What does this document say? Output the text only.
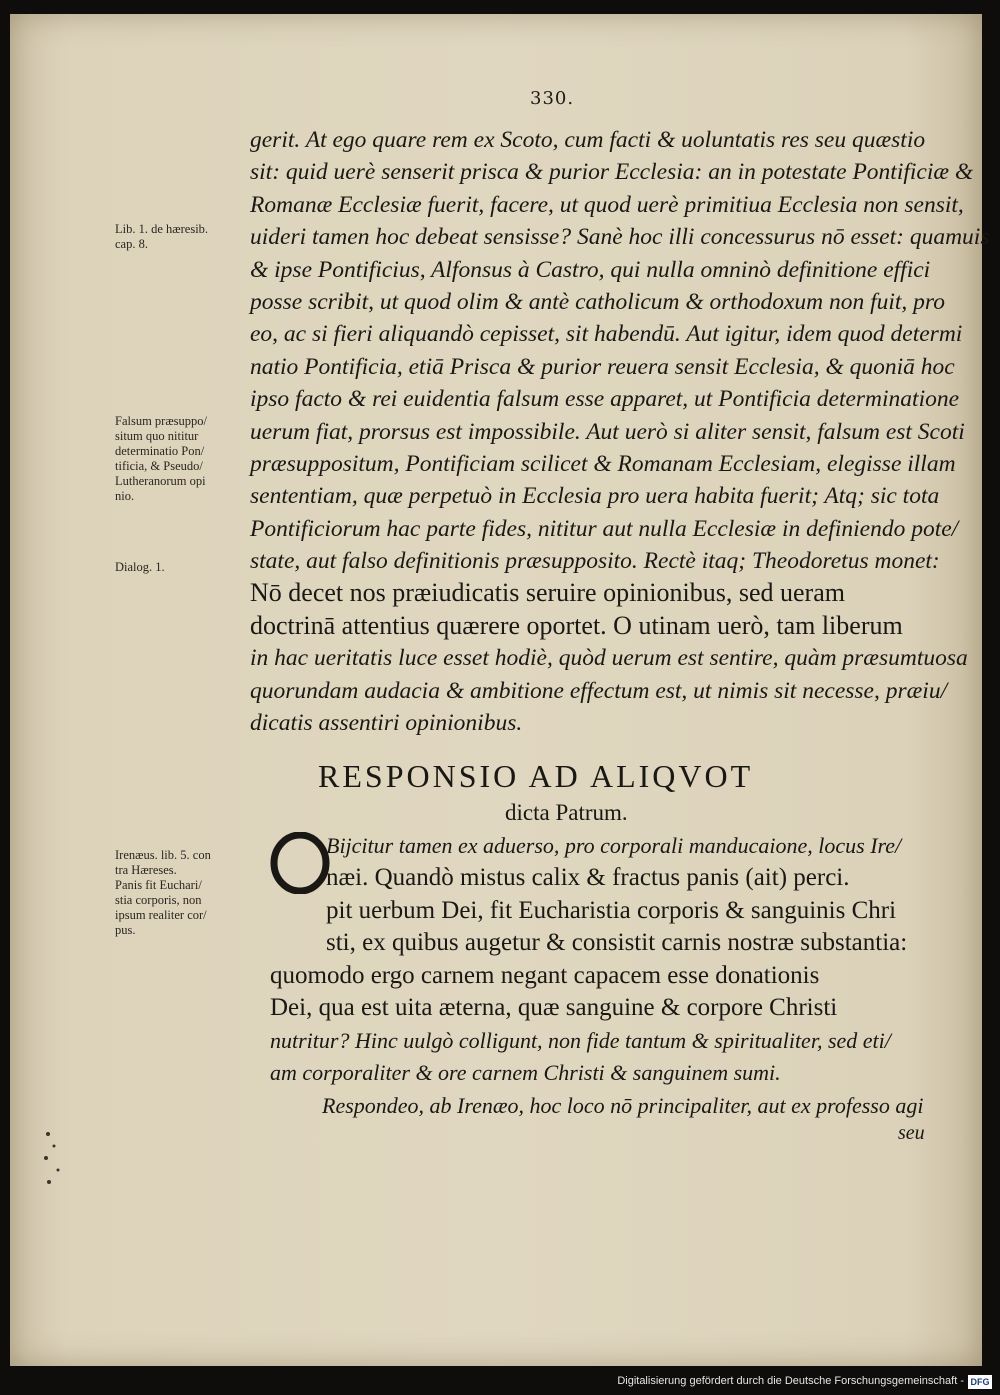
330.
gerit. At ego quare rem ex Scoto, cum facti & uoluntatis res seu quæstio
sit: quid uerè senserit prisca & purior Ecclesia: an in potestate Pontificiæ &
Romanæ Ecclesiæ fuerit, facere, ut quod uerè primitiua Ecclesia non sensit,
uideri tamen hoc debeat sensisse? Sanè hoc illi concessurus nō esset: quamuis
& ipse Pontificius, Alfonsus à Castro, qui nulla omninò definitione effici
posse scribit, ut quod olim & antè catholicum & orthodoxum non fuit, pro
eo, ac si fieri aliquandò cepisset, sit habendū. Aut igitur, idem quod determi
natio Pontificia, etiā Prisca & purior reuera sensit Ecclesia, & quoniā hoc
ipso facto & rei euidentia falsum esse apparet, ut Pontificia determinatione
uerum fiat, prorsus est impossibile. Aut uerò si aliter sensit, falsum est Scoti
præsuppositum, Pontificiam scilicet & Romanam Ecclesiam, elegisse illam
sententiam, quæ perpetuò in Ecclesia pro uera habita fuerit; Atq; sic tota
Pontificiorum hac parte fides, nititur aut nulla Ecclesiæ in definiendo pote/
state, aut falso definitionis præsupposito. Rectè itaq; Theodoretus monet:
Nō decet nos præiudicatis seruire opinionibus, sed ueram
doctrinā attentius quærere oportet. O utinam uerò, tam liberum
in hac ueritatis luce esset hodiè, quòd uerum est sentire, quàm præsumtuosa
quorundam audacia & ambitione effectum est, ut nimis sit necesse, præiu/
dicatis assentiri opinionibus.
Lib. 1. de hæresib.
cap. 8.
Falsum præsuppo/
situm quo nititur
determinatio Pon/
tificia, & Pseudo/
Lutheranorum opi
nio.
Dialog. 1.
Irenæus. lib. 5. con
tra Hæreses.
Panis fit Euchari/
stia corporis, non
ipsum realiter cor/
pus.
RESPONSIO AD ALIQVOT
dicta Patrum.
Bijcitur tamen ex aduerso, pro corporali manducaione, locus Ire/
næi. Quandò mistus calix & fractus panis (ait) perci.
pit uerbum Dei, fit Eucharistia corporis & sanguinis Chri
sti, ex quibus augetur & consistit carnis nostræ substantia:
quomodo ergo carnem negant capacem esse donationis
Dei, qua est uita æterna, quæ sanguine & corpore Christi
nutritur? Hinc uulgò colligunt, non fide tantum & spiritualiter, sed eti/
am corporaliter & ore carnem Christi & sanguinem sumi.
Respondeo, ab Irenæo, hoc loco nō principaliter, aut ex professo agi
seu
Digitalisierung gefördert durch die Deutsche Forschungsgemeinschaft - DFG
